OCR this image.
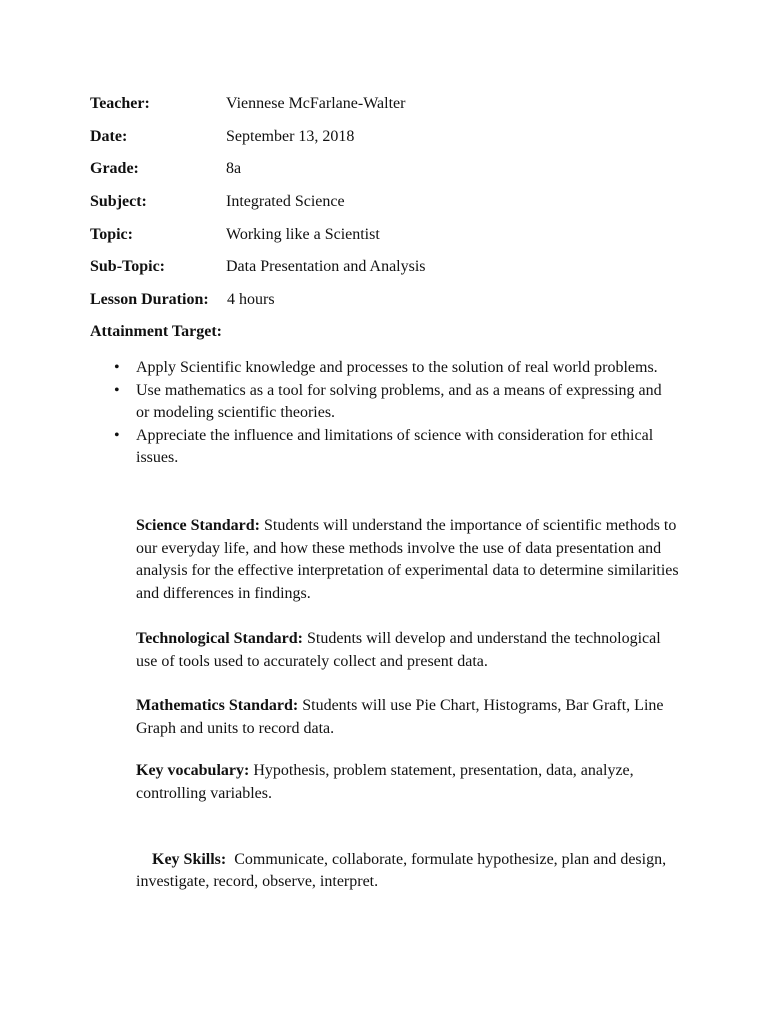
Teacher:	Viennese McFarlane-Walter
Date:	September 13, 2018
Grade:	8a
Subject:	Integrated Science
Topic:	Working like a Scientist
Sub-Topic:	Data Presentation and Analysis
Lesson Duration: 4 hours
Attainment Target:
• Apply Scientific knowledge and processes to the solution of real world problems.
• Use mathematics as a tool for solving problems, and as a means of expressing and or modeling scientific theories.
• Appreciate the influence and limitations of science with consideration for ethical issues.
Science Standard: Students will understand the importance of scientific methods to our everyday life, and how these methods involve the use of data presentation and analysis for the effective interpretation of experimental data to determine similarities and differences in findings.
Technological Standard: Students will develop and understand the technological use of tools used to accurately collect and present data.
Mathematics Standard: Students will use Pie Chart, Histograms, Bar Graft, Line Graph and units to record data.
Key vocabulary: Hypothesis, problem statement, presentation, data, analyze, controlling variables.

Key Skills:  Communicate, collaborate, formulate hypothesize, plan and design, investigate, record, observe, interpret.
